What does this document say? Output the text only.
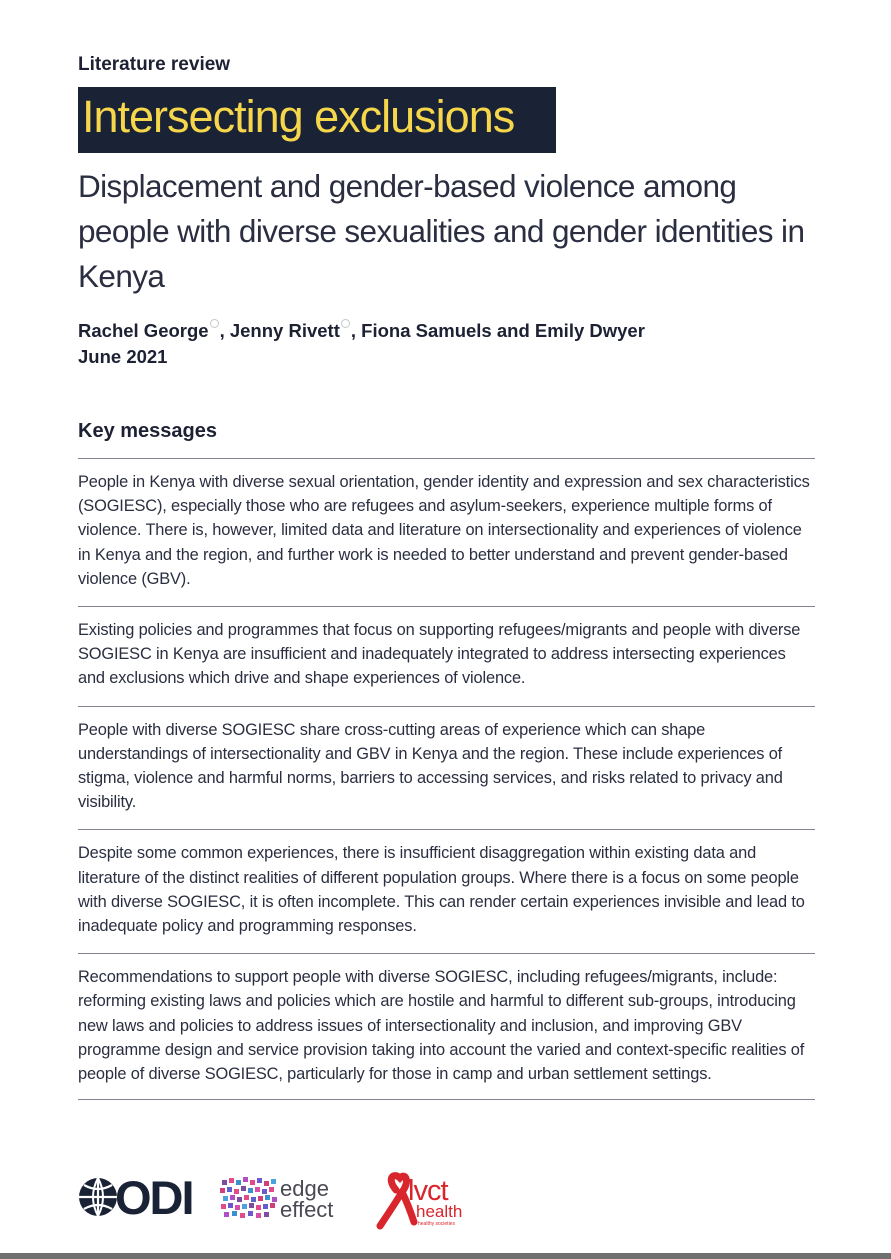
Literature review
Intersecting exclusions
Displacement and gender-based violence among people with diverse sexualities and gender identities in Kenya
Rachel George , Jenny Rivett , Fiona Samuels and Emily Dwyer
June 2021
Key messages
People in Kenya with diverse sexual orientation, gender identity and expression and sex characteristics (SOGIESC), especially those who are refugees and asylum-seekers, experience multiple forms of violence. There is, however, limited data and literature on intersectionality and experiences of violence in Kenya and the region, and further work is needed to better understand and prevent gender-based violence (GBV).
Existing policies and programmes that focus on supporting refugees/migrants and people with diverse SOGIESC in Kenya are insufficient and inadequately integrated to address intersecting experiences and exclusions which drive and shape experiences of violence.
People with diverse SOGIESC share cross-cutting areas of experience which can shape understandings of intersectionality and GBV in Kenya and the region. These include experiences of stigma, violence and harmful norms, barriers to accessing services, and risks related to privacy and visibility.
Despite some common experiences, there is insufficient disaggregation within existing data and literature of the distinct realities of different population groups. Where there is a focus on some people with diverse SOGIESC, it is often incomplete. This can render certain experiences invisible and lead to inadequate policy and programming responses.
Recommendations to support people with diverse SOGIESC, including refugees/migrants, include: reforming existing laws and policies which are hostile and harmful to different sub-groups, introducing new laws and policies to address issues of intersectionality and inclusion, and improving GBV programme design and service provision taking into account the varied and context-specific realities of people of diverse SOGIESC, particularly for those in camp and urban settlement settings.
ODI	edge
effect
lvct
health
healthy societies
